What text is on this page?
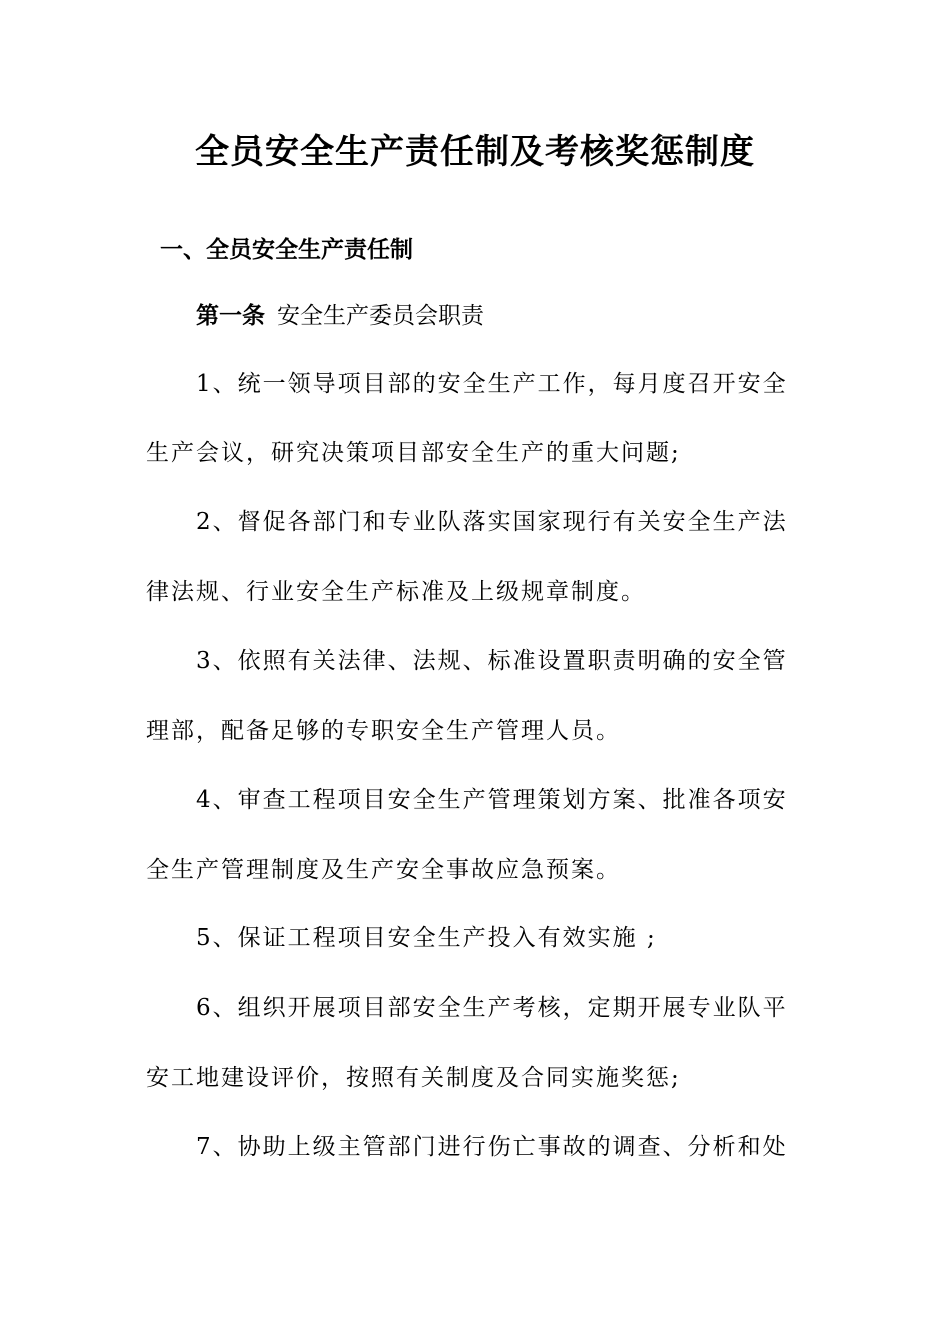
全员安全生产责任制及考核奖惩制度
一、全员安全生产责任制
第一条 安全生产委员会职责
1、统一领导项目部的安全生产工作，每月度召开安全
生产会议，研究决策项目部安全生产的重大问题;
2、督促各部门和专业队落实国家现行有关安全生产法
律法规、行业安全生产标准及上级规章制度。
3、依照有关法律、法规、标准设置职责明确的安全管
理部，配备足够的专职安全生产管理人员。
4、审查工程项目安全生产管理策划方案、批准各项安
全生产管理制度及生产安全事故应急预案。
5、保证工程项目安全生产投入有效实施 ;
6、组织开展项目部安全生产考核，定期开展专业队平
安工地建设评价，按照有关制度及合同实施奖惩;
7、协助上级主管部门进行伤亡事故的调查、分析和处
